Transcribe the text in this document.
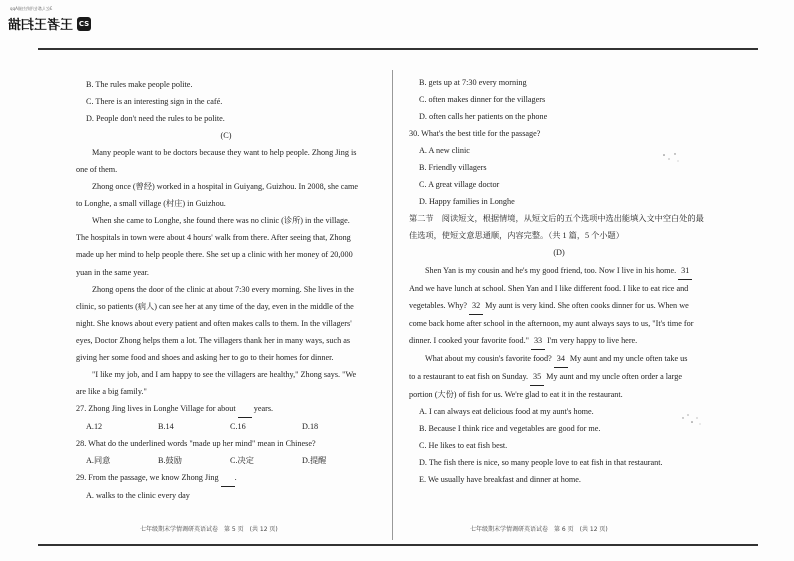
3亿人都在用的扫描App
王者王扫描 CS
B. The rules make people polite.
C. There is an interesting sign in the café.
D. People don't need the rules to be polite.
(C)
Many people want to be doctors because they want to help people. Zhong Jing is
one of them.
Zhong once (曾经) worked in a hospital in Guiyang, Guizhou. In 2008, she came
to Longhe, a small village (村庄) in Guizhou.
When she came to Longhe, she found there was no clinic (诊所) in the village.
The hospitals in town were about 4 hours' walk from there. After seeing that, Zhong
made up her mind to help people there. She set up a clinic with her money of 20,000
yuan in the same year.
Zhong opens the door of the clinic at about 7:30 every morning. She lives in the
clinic, so patients (病人) can see her at any time of the day, even in the middle of the
night. She knows about every patient and often makes calls to them. In the villagers'
eyes, Doctor Zhong helps them a lot. The villagers thank her in many ways, such as
giving her some food and shoes and asking her to go to their homes for dinner.
"I like my job, and I am happy to see the villagers are healthy," Zhong says. "We
are like a big family."
27. Zhong Jing lives in Longhe Village for about years.
A.12	B.14	C.16	D.18
28. What do the underlined words "made up her mind" mean in Chinese?
A.同意	B.鼓励	C.决定	D.提醒
29. From the passage, we know Zhong Jing .
A. walks to the clinic every day
七年级期末学情调研英语试卷　第 5 页　(共 12 页)
B. gets up at 7:30 every morning
C. often makes dinner for the villagers
D. often calls her patients on the phone
30. What's the best title for the passage?
A. A new clinic
B. Friendly villagers
C. A great village doctor
D. Happy families in Longhe
第二节　阅读短文，根据情境，从短文后的五个选项中选出能填入文中空白处的最
佳选项，使短文意思通顺，内容完整。（共 1 篇，5 个小题）
(D)
Shen Yan is my cousin and he's my good friend, too. Now I live in his home. 31
And we have lunch at school. Shen Yan and I like different food. I like to eat rice and
vegetables. Why? 32 My aunt is very kind. She often cooks dinner for us. When we
come back home after school in the afternoon, my aunt always says to us, "It's time for
dinner. I cooked your favorite food." 33 I'm very happy to live here.
What about my cousin's favorite food? 34 My aunt and my uncle often take us
to a restaurant to eat fish on Sunday. 35 My aunt and my uncle often order a large
portion (大份) of fish for us. We're glad to eat it in the restaurant.
A. I can always eat delicious food at my aunt's home.
B. Because I think rice and vegetables are good for me.
C. He likes to eat fish best.
D. The fish there is nice, so many people love to eat fish in that restaurant.
E. We usually have breakfast and dinner at home.
七年级期末学情调研英语试卷　第 6 页　(共 12 页)
